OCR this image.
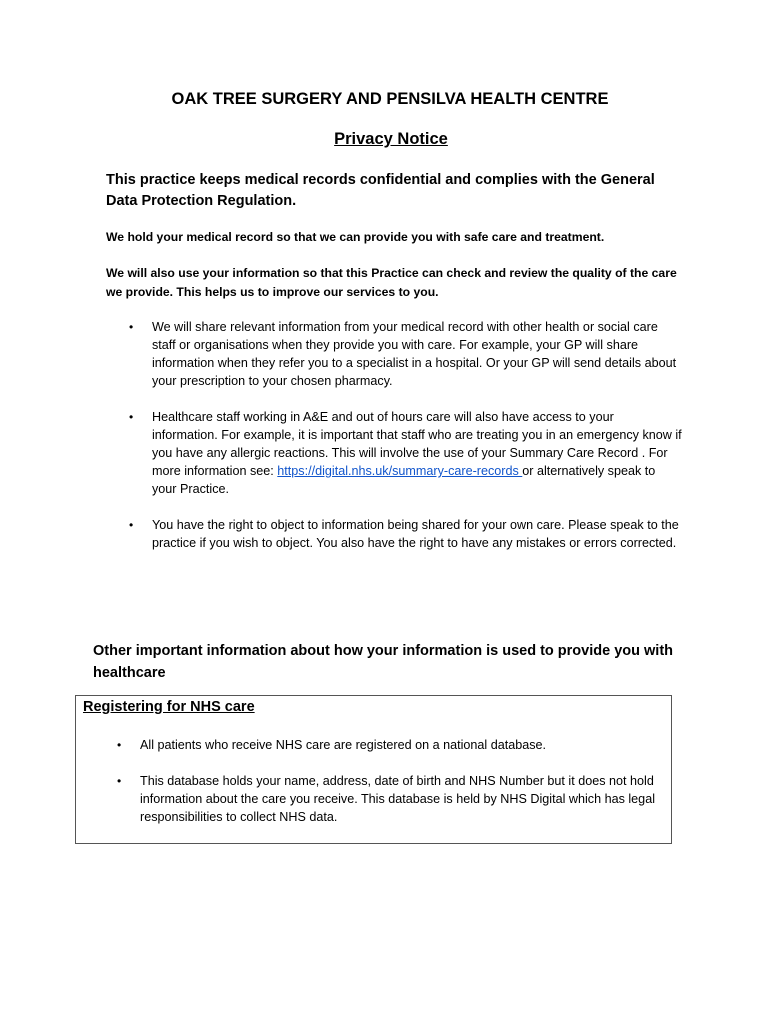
OAK TREE SURGERY AND PENSILVA HEALTH CENTRE
Privacy Notice
This practice keeps medical records confidential and complies with the General Data Protection Regulation.
We hold your medical record so that we can provide you with safe care and treatment.
We will also use your information so that this Practice can check and review the quality of the care we provide. This helps us to improve our services to you.
• We will share relevant information from your medical record with other health or social care staff or organisations when they provide you with care. For example, your GP will share information when they refer you to a specialist in a hospital. Or your GP will send details about your prescription to your chosen pharmacy.
• Healthcare staff working in A&E and out of hours care will also have access to your information. For example, it is important that staff who are treating you in an emergency know if you have any allergic reactions. This will involve the use of your Summary Care Record . For more information see: https://digital.nhs.uk/summary-care-records or alternatively speak to your Practice.
• You have the right to object to information being shared for your own care. Please speak to the practice if you wish to object. You also have the right to have any mistakes or errors corrected.
Other important information about how your information is used to provide you with healthcare
Registering for NHS care
• All patients who receive NHS care are registered on a national database.
• This database holds your name, address, date of birth and NHS Number but it does not hold information about the care you receive. This database is held by NHS Digital which has legal responsibilities to collect NHS data.
